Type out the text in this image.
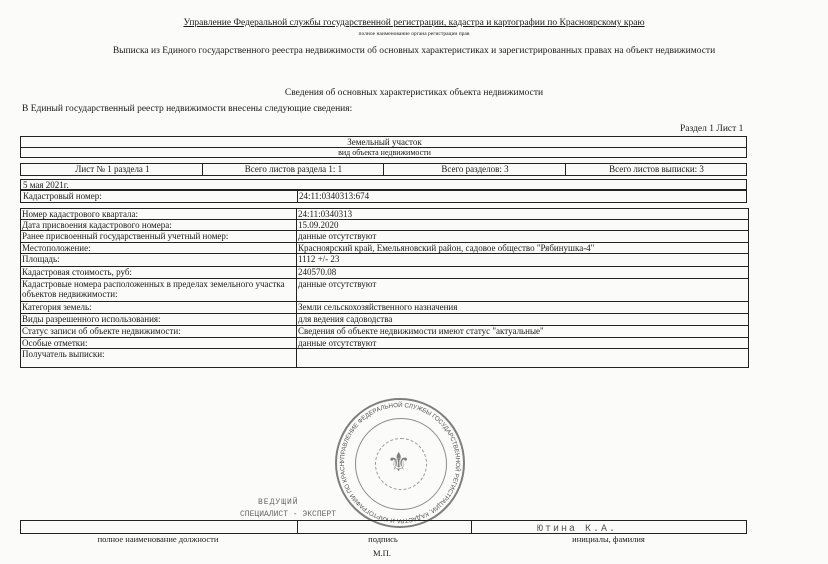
Управление Федеральной службы государственной регистрации, кадастра и картографии по Красноярскому краю
полное наименование органа регистрации прав
Выписка из Единого государственного реестра недвижимости об основных характеристиках и зарегистрированных правах на объект недвижимости
Сведения об основных характеристиках объекта недвижимости
В Единый государственный реестр недвижимости внесены следующие сведения:
Раздел 1 Лист 1
Земельный участок
вид объекта недвижимости
Лист № 1 раздела 1	Всего листов раздела 1: 1	Всего разделов: 3	Всего листов выписки: 3
5 мая 2021г.
Кадастровый номер:	24:11:0340313:674
Номер кадастрового квартала:	24:11:0340313
Дата присвоения кадастрового номера:	15.09.2020
Ранее присвоенный государственный учетный номер:	данные отсутствуют
Местоположение:	Красноярский край, Емельяновский район, садовое общество "Рябинушка-4"
Площадь:	1112 +/- 23
Кадастровая стоимость, руб:	240570.08
Кадастровые номера расположенных в пределах земельного участка объектов недвижимости:
данные отсутствуют
Категория земель:	Земли сельскохозяйственного назначения
Виды разрешенного использования:	для ведения садоводства
Статус записи об объекте недвижимости:	Сведения об объекте недвижимости имеют статус "актуальные"
Особые отметки:	данные отсутствуют
Получатель выписки:
⚜
УПРАВЛЕНИЕ ФЕДЕРАЛЬНОЙ СЛУЖБЫ ГОСУДАРСТВЕННОЙ РЕГИСТРАЦИИ, КАДАСТРА И КАРТОГРАФИИ ПО КРАСН
ВЕДУЩИЙ
СПЕЦИАЛИСТ - ЭКСПЕРТ
Ютина К.А.
полное наименование должности	подпись	инициалы, фамилия
М.П.
